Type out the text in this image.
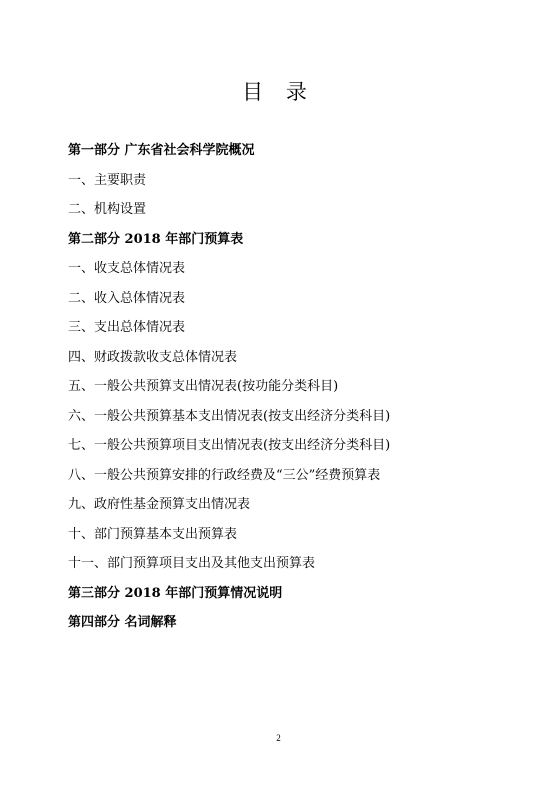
目 录
第一部分 广东省社会科学院概况
一、主要职责
二、机构设置
第二部分 2018 年部门预算表
一、收支总体情况表
二、收入总体情况表
三、支出总体情况表
四、财政拨款收支总体情况表
五、一般公共预算支出情况表(按功能分类科目)
六、一般公共预算基本支出情况表(按支出经济分类科目)
七、一般公共预算项目支出情况表(按支出经济分类科目)
八、一般公共预算安排的行政经费及“三公”经费预算表
九、政府性基金预算支出情况表
十、部门预算基本支出预算表
十一、部门预算项目支出及其他支出预算表
第三部分 2018 年部门预算情况说明
第四部分 名词解释
2
